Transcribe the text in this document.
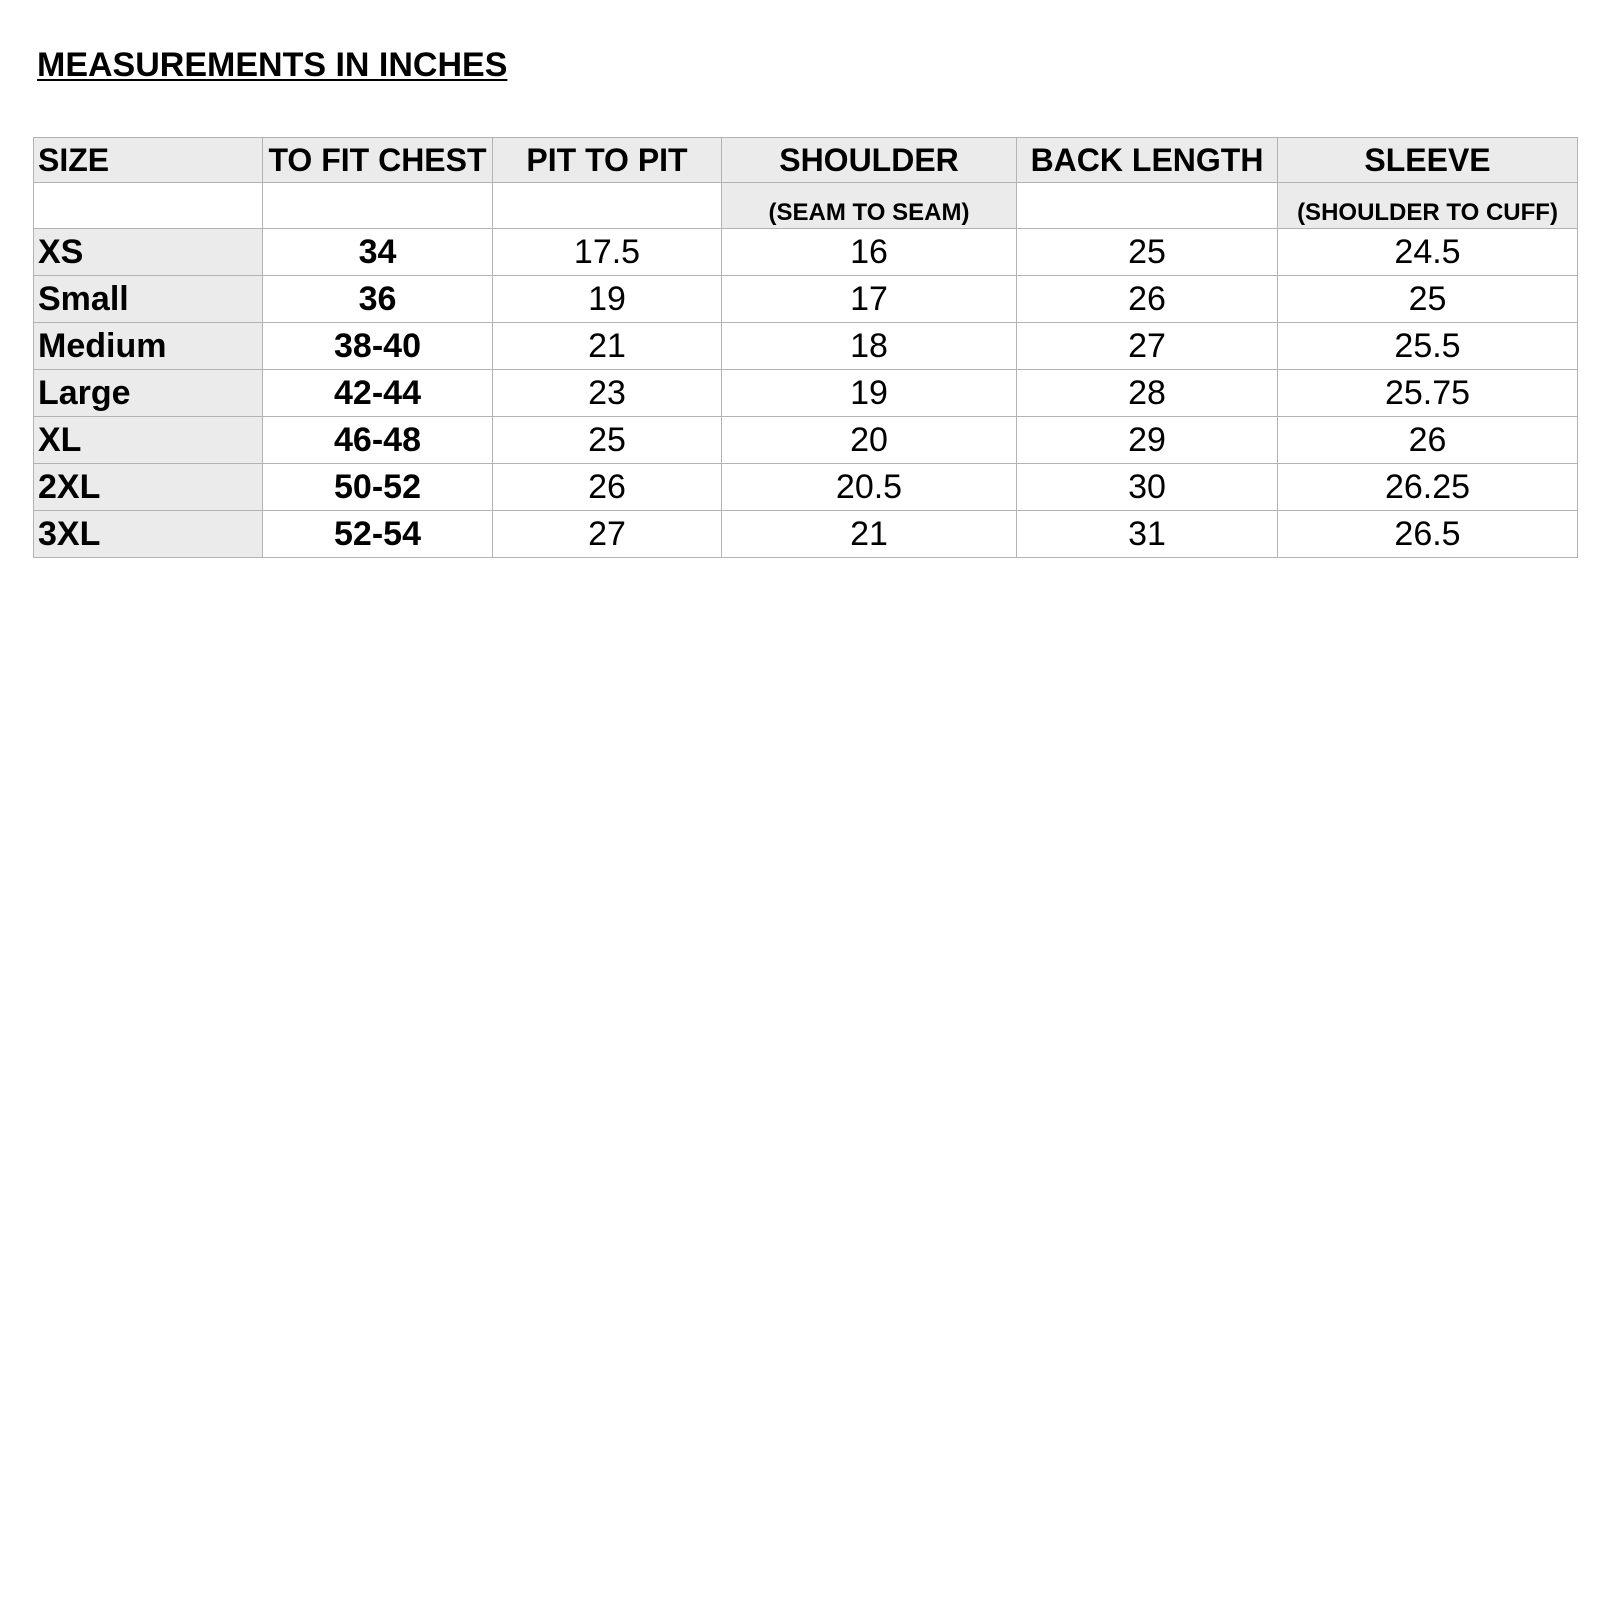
MEASUREMENTS IN INCHES
SIZE	TO FIT CHEST	PIT TO PIT	SHOULDER	BACK LENGTH	SLEEVE
			(SEAM TO SEAM)		(SHOULDER TO CUFF)
XS	34	17.5	16	25	24.5
Small	36	19	17	26	25
Medium	38-40	21	18	27	25.5
Large	42-44	23	19	28	25.75
XL	46-48	25	20	29	26
2XL	50-52	26	20.5	30	26.25
3XL	52-54	27	21	31	26.5
